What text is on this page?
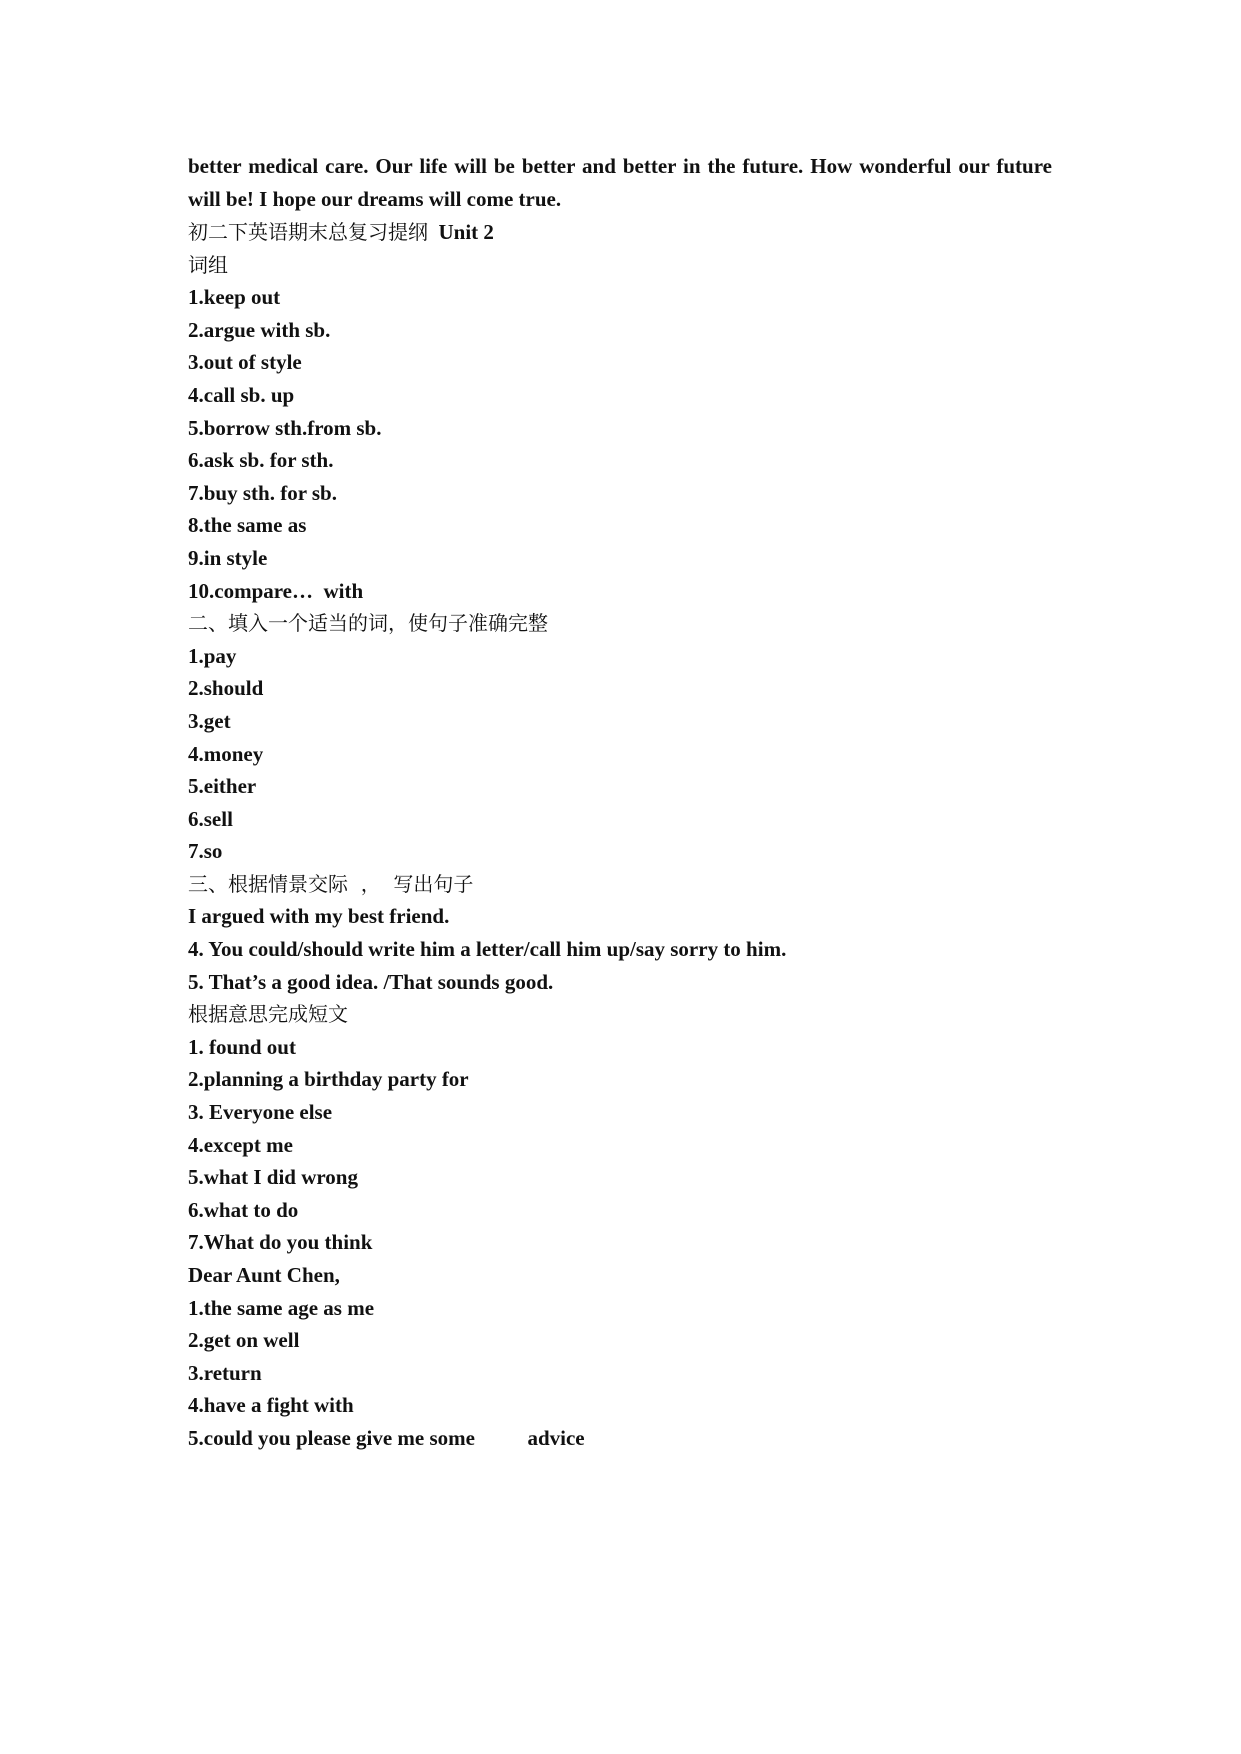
better medical care. Our life will be better and better in the future. How wonderful our future will be! I hope our dreams will come true.

初二下英语期末总复习提纲  Unit 2
词组
1.keep out
2.argue with sb.
3.out of style
4.call sb. up
5.borrow sth.from sb.
6.ask sb. for sth.
7.buy sth. for sb.
8.the same as
9.in style
10.compare…  with
二、填入一个适当的词，使句子准确完整
1.pay
2.should
3.get
4.money
5.either
6.sell
7.so
三、根据情景交际  ，  写出句子
I argued with my best friend.
4. You could/should write him a letter/call him up/say sorry to him.
5. That’s a good idea. /That sounds good.
根据意思完成短文
1. found out
2.planning a birthday party for
3. Everyone else
4.except me
5.what I did wrong
6.what to do
7.What do you think
Dear Aunt Chen,
1.the same age as me
2.get on well
3.return
4.have a fight with
5.could you please give me some          advice
